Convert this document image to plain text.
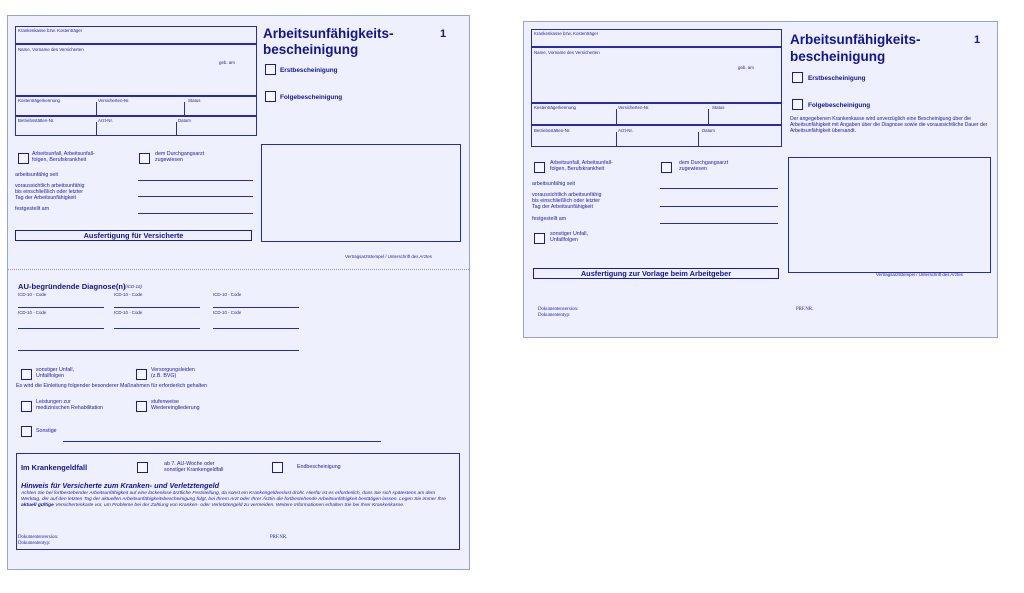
Krankenkasse bzw. Kostenträger
Name, Vorname des Versicherten
geb. am
Kostenträgerkennung	Versicherten-Nr.	Status
Betriebsstätten-Nr.	Arzt-Nr.	Datum
Arbeitsunfähigkeits-
bescheinigung
1
Erstbescheinigung
Folgebescheinigung
Arbeitsunfall, Arbeitsunfall-
folgen, Berufskrankheit
dem Durchgangsarzt
zugewiesen
arbeitsunfähig seit
voraussichtlich arbeitsunfähig
bis einschließlich oder letzter
Tag der Arbeitsunfähigkeit
festgestellt am
Ausfertigung für Versicherte
Vertragsarztstempel / Unterschrift des Arztes
AU-begründende Diagnose(n) (ICD-10)
ICD-10 - Code	ICD-10 - Code	ICD-10 - Code
ICD-10 - Code	ICD-10 - Code	ICD-10 - Code
sonstiger Unfall,
Unfallfolgen
Versorgungsleiden
(z.B. BVG)
Es wird die Einleitung folgender besonderer Maßnahmen für erforderlich gehalten
Leistungen zur
medizinischen Rehabilitation
stufenweise
Wiedereingliederung
Sonstige
Im Krankengeldfall	ab 7. AU-Woche oder
sonstiger Krankengeldfall	Endbescheinigung
Hinweis für Versicherte zum Kranken- und Verletztengeld
Achten Sie bei fortbestehender Arbeitsunfähigkeit auf eine lückenlose ärztliche Feststellung, da sonst ein Krankengeldverlust droht. Hierfür ist es erforderlich, dass Sie sich spätestens am dem Werktag, der auf den letzten Tag der aktuellen Arbeitsunfähigkeitsbescheinigung folgt, bei Ihrem Arzt oder Ihrer Ärztin die fortbestehende Arbeitsunfähigkeit bestätigen lassen. Legen Sie immer Ihre aktuell gültige Versichertenkarte vor, um Probleme bei der Zahlung von Kranken- oder Verletztengeld zu vermeiden. Weitere Informationen erhalten Sie bei Ihrer Krankenkasse.
Dokumentenversion:
Dokumententyp:
PRF.NR.
Krankenkasse bzw. Kostenträger
Name, Vorname des Versicherten
geb. am
Kostenträgerkennung	Versicherten-Nr.	Status
Betriebsstätten-Nr.	Arzt-Nr.	Datum
Arbeitsunfähigkeits-
bescheinigung
1
Erstbescheinigung
Folgebescheinigung
Der angegebenen Krankenkasse wird unverzüglich eine Bescheinigung über die Arbeitsunfähigkeit mit Angaben über die Diagnose sowie die voraussichtliche Dauer der Arbeitsunfähigkeit übersandt.
Arbeitsunfall, Arbeitsunfall-
folgen, Berufskrankheit
dem Durchgangsarzt
zugewiesen
arbeitsunfähig seit
voraussichtlich arbeitsunfähig
bis einschließlich oder letzter
Tag der Arbeitsunfähigkeit
festgestellt am
sonstiger Unfall,
Unfallfolgen
Ausfertigung zur Vorlage beim Arbeitgeber	Vertragsarztstempel / Unterschrift des Arztes
Dokumentenversion:
Dokumententyp:
PRF.NR.
